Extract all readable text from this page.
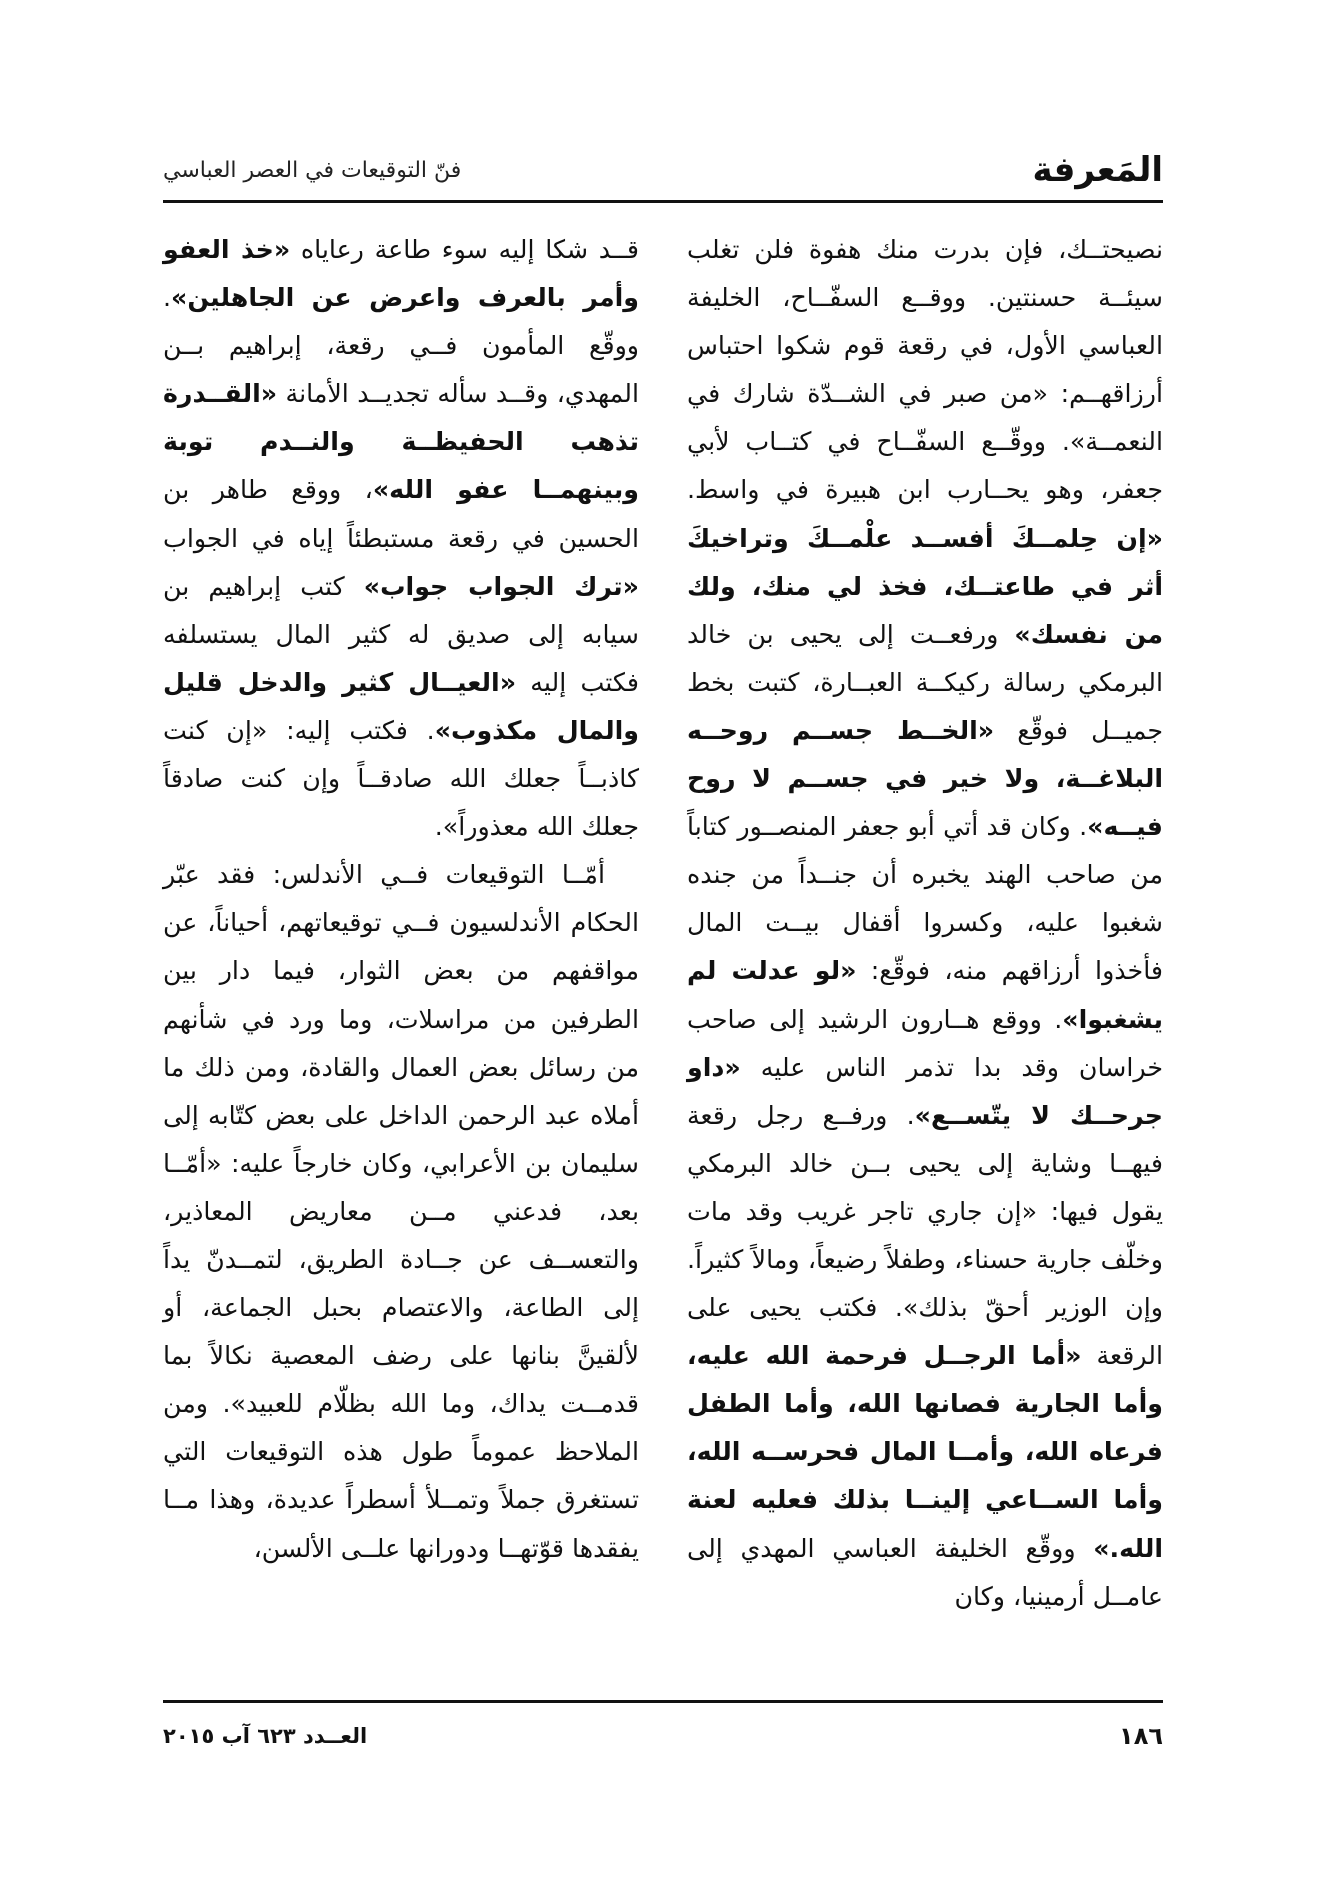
المَعرفة
فنّ التوقيعات في العصر العباسي

نصيحتــك، فإن بدرت منك هفوة فلن تغلب سيئــة حسنتين. ووقــع السفّــاح، الخليفة العباسي الأول، في رقعة قوم شكوا احتباس أرزاقهــم: «من صبر في الشــدّة شارك في النعمــة». ووقّــع السفّــاح في كتــاب لأبي جعفر، وهو يحــارب ابن هبيرة في واسط. «إن حِلمــكَ أفســد علْمــكَ وتراخيكَ أثر في طاعتــك، فخذ لي منك، ولك من نفسك» ورفعــت إلى يحيى بن خالد البرمكي رسالة ركيكــة العبــارة، كتبت بخط جميــل فوقّع «الخــط جســم روحــه البلاغــة، ولا خير في جســم لا روح فيــه». وكان قد أتي أبو جعفر المنصــور كتاباً من صاحب الهند يخبره أن جنــداً من جنده شغبوا عليه، وكسروا أقفال بيــت المال فأخذوا أرزاقهم منه، فوقّع: «لو عدلت لم يشغبوا». ووقع هــارون الرشيد إلى صاحب خراسان وقد بدا تذمر الناس عليه «داو جرحــك لا يتّســع». ورفــع رجل رقعة فيهــا وشاية إلى يحيى بــن خالد البرمكي يقول فيها: «إن جاري تاجر غريب وقد مات وخلّف جارية حسناء، وطفلاً رضيعاً، ومالاً كثيراً. وإن الوزير أحقّ بذلك». فكتب يحيى على الرقعة «أما الرجــل فرحمة الله عليه، وأما الجارية فصانها الله، وأما الطفل فرعاه الله، وأمــا المال فحرســه الله، وأما الســاعي إلينــا بذلك فعليه لعنة الله.» ووقّع الخليفة العباسي المهدي إلى عامــل أرمينيا، وكان

قــد شكا إليه سوء طاعة رعاياه «خذ العفو وأمر بالعرف واعرض عن الجاهلين». ووقّع المأمون فــي رقعة، إبراهيم بــن المهدي، وقــد سأله تجديــد الأمانة «القــدرة تذهب الحفيظــة والنــدم توبة وبينهمــا عفو الله»، ووقع طاهر بن الحسين في رقعة مستبطئاً إياه في الجواب «ترك الجواب جواب» كتب إبراهيم بن سيابه إلى صديق له كثير المال يستسلفه فكتب إليه «العيــال كثير والدخل قليل والمال مكذوب». فكتب إليه: «إن كنت كاذبــاً جعلك الله صادقــاً وإن كنت صادقاً جعلك الله معذوراً».

أمّــا التوقيعات فــي الأندلس: فقد عبّر الحكام الأندلسيون فــي توقيعاتهم، أحياناً، عن مواقفهم من بعض الثوار، فيما دار بين الطرفين من مراسلات، وما ورد في شأنهم من رسائل بعض العمال والقادة، ومن ذلك ما أملاه عبد الرحمن الداخل على بعض كتّابه إلى سليمان بن الأعرابي، وكان خارجاً عليه: «أمّــا بعد، فدعني مــن معاريض المعاذير، والتعســف عن جــادة الطريق، لتمــدنّ يداً إلى الطاعة، والاعتصام بحبل الجماعة، أو لألقينَّ بنانها على رضف المعصية نكالاً بما قدمــت يداك، وما الله بظلّام للعبيد». ومن الملاحظ عموماً طول هذه التوقيعات التي تستغرق جملاً وتمــلأ أسطراً عديدة، وهذا مــا يفقدها قوّتهــا ودورانها علــى الألسن،

١٨٦
العــدد ٦٢٣ آب ٢٠١٥
